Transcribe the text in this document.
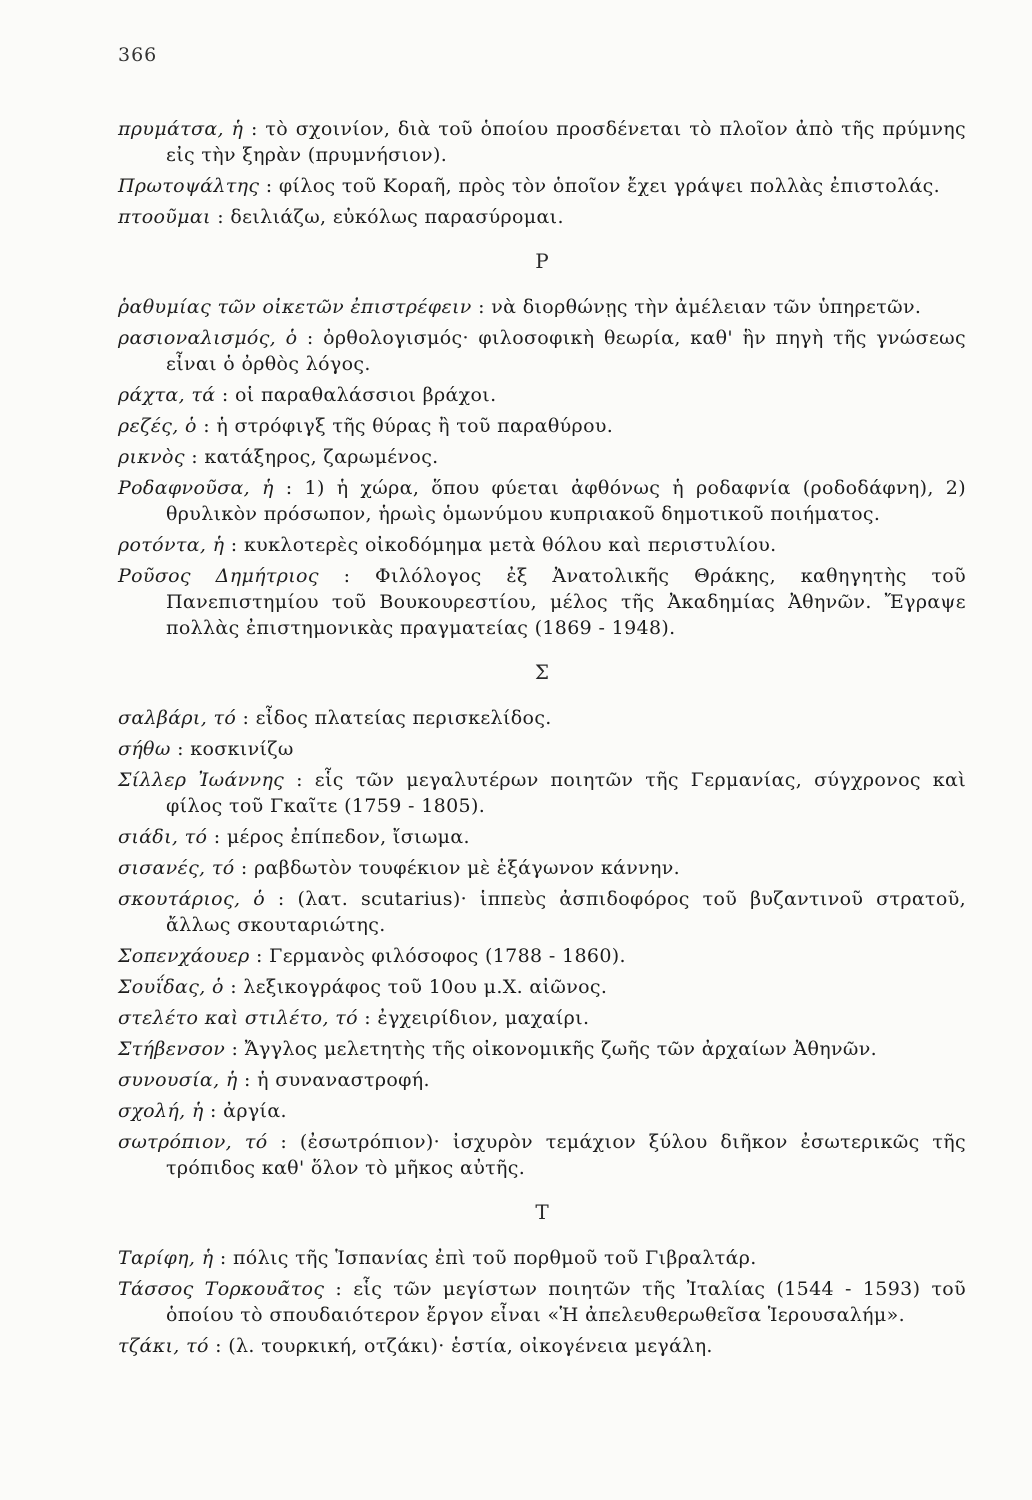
366

πρυμάτσα, ἡ : τὸ σχοινίον, διὰ τοῦ ὁποίου προσδένεται τὸ πλοῖον ἀπὸ τῆς πρύμνης εἰς τὴν ξηρὰν (πρυμνήσιον).

Πρωτοψάλτης : φίλος τοῦ Κοραῆ, πρὸς τὸν ὁποῖον ἔχει γράψει πολλὰς ἐπιστολάς.

πτοοῦμαι : δειλιάζω, εὐκόλως παρασύρομαι.

Ρ

ῥαθυμίας τῶν οἰκετῶν ἐπιστρέφειν : νὰ διορθώνῃς τὴν ἀμέλειαν τῶν ὑπηρετῶν.

ρασιοναλισμός, ὁ : ὀρθολογισμός· φιλοσοφικὴ θεωρία, καθ' ἣν πηγὴ τῆς γνώσεως εἶναι ὁ ὀρθὸς λόγος.

ράχτα, τά : οἱ παραθαλάσσιοι βράχοι.

ρεζές, ὁ : ἡ στρόφιγξ τῆς θύρας ἢ τοῦ παραθύρου.

ρικνὸς : κατάξηρος, ζαρωμένος.

Ροδαφνοῦσα, ἡ : 1) ἡ χώρα, ὅπου φύεται ἀφθόνως ἡ ροδαφνία (ροδοδάφνη), 2) θρυλικὸν πρόσωπον, ἡρωὶς ὁμωνύμου κυπριακοῦ δημοτικοῦ ποιήματος.

ροτόντα, ἡ : κυκλοτερὲς οἰκοδόμημα μετὰ θόλου καὶ περιστυλίου.

Ροῦσος Δημήτριος : Φιλόλογος ἐξ Ἀνατολικῆς Θράκης, καθηγητὴς τοῦ Πανεπιστημίου τοῦ Βουκουρεστίου, μέλος τῆς Ἀκαδημίας Ἀθηνῶν. Ἔγραψε πολλὰς ἐπιστημονικὰς πραγματείας (1869 - 1948).

Σ

σαλβάρι, τό : εἶδος πλατείας περισκελίδος.

σήθω : κοσκινίζω

Σίλλερ Ἰωάννης : εἷς τῶν μεγαλυτέρων ποιητῶν τῆς Γερμανίας, σύγχρονος καὶ φίλος τοῦ Γκαῖτε (1759 - 1805).

σιάδι, τό : μέρος ἐπίπεδον, ἴσιωμα.

σισανές, τό : ραβδωτὸν τουφέκιον μὲ ἑξάγωνον κάννην.

σκουτάριος, ὁ : (λατ. scutarius)· ἱππεὺς ἀσπιδοφόρος τοῦ βυζαντινοῦ στρατοῦ, ἄλλως σκουταριώτης.

Σοπενχάουερ : Γερμανὸς φιλόσοφος (1788 - 1860).

Σουΐδας, ὁ : λεξικογράφος τοῦ 10ου μ.Χ. αἰῶνος.

στελέτο καὶ στιλέτο, τό : ἐγχειρίδιον, μαχαίρι.

Στήβενσον : Ἄγγλος μελετητὴς τῆς οἰκονομικῆς ζωῆς τῶν ἀρχαίων Ἀθηνῶν.

συνουσία, ἡ : ἡ συναναστροφή.

σχολή, ἡ : ἀργία.

σωτρόπιον, τό : (ἐσωτρόπιον)· ἰσχυρὸν τεμάχιον ξύλου διῆκον ἐσωτερικῶς τῆς τρόπιδος καθ' ὅλον τὸ μῆκος αὐτῆς.

Τ

Ταρίφη, ἡ : πόλις τῆς Ἱσπανίας ἐπὶ τοῦ πορθμοῦ τοῦ Γιβραλτάρ.

Τάσσος Τορκουᾶτος : εἷς τῶν μεγίστων ποιητῶν τῆς Ἰταλίας (1544 - 1593) τοῦ ὁποίου τὸ σπουδαιότερον ἔργον εἶναι «Ἡ ἀπελευθερωθεῖσα Ἱερουσαλήμ».

τζάκι, τό : (λ. τουρκική, οτζάκι)· ἑστία, οἰκογένεια μεγάλη.
